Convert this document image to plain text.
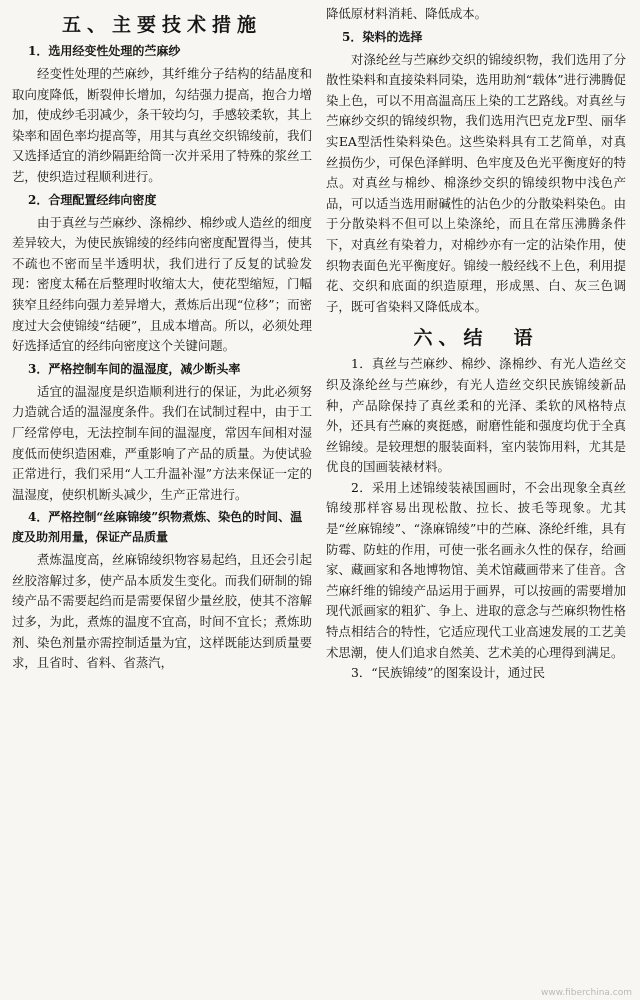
五、主要技术措施
1．选用经变性处理的苎麻纱

经变性处理的苎麻纱，其纤维分子结构的结晶度和取向度降低，断裂伸长增加，勾结强力提高，抱合力增加，使成纱毛羽减少，条干较均匀，手感较柔软，其上染率和固色率均提高等，用其与真丝交织锦绫前，我们又选择适宜的消纱隔距给筒一次并采用了特殊的浆丝工艺，使织造过程顺利进行。

2．合理配置经纬向密度

由于真丝与苎麻纱、涤棉纱、棉纱或人造丝的细度差异较大，为使民族锦绫的经纬向密度配置得当，使其不疏也不密而呈半透明状，我们进行了反复的试验发现：密度太稀在后整理时收缩太大，使花型缩短，门幅狭窄且经纬向强力差异增大，煮炼后出现“位移”；而密度过大会使锦绫“结硬”，且成本增高。所以，必须处理好选择适宜的经纬向密度这个关键问题。

3．严格控制车间的温湿度，减少断头率

适宜的温湿度是织造顺利进行的保证，为此必须努力造就合适的温湿度条件。我们在试制过程中，由于工厂经常停电，无法控制车间的温湿度，常因车间相对湿度低而使织造困难，严重影响了产品的质量。为使试验正常进行，我们采用“人工升温补湿”方法来保证一定的温湿度，使织机断头减少，生产正常进行。

4．严格控制“丝麻锦绫”织物煮炼、染色的时间、温度及助剂用量，保证产品质量

煮炼温度高，丝麻锦绫织物容易起绉，且还会引起丝胶溶解过多，使产品本质发生变化。而我们研制的锦绫产品不需要起绉而是需要保留少量丝胶，使其不溶解过多，为此，煮炼的温度不宜高，时间不宜长；煮炼助剂、染色剂量亦需控制适量为宜，这样既能达到质量要求，且省时、省料、省蒸汽，

降低原材料消耗、降低成本。

5．染料的选择

对涤纶丝与苎麻纱交织的锦绫织物，我们选用了分散性染料和直接染料同染，选用助剂“载体”进行沸腾促染上色，可以不用高温高压上染的工艺路线。对真丝与苎麻纱交织的锦绫织物，我们选用汽巴克龙F型、丽华实EA型活性染料染色。这些染料具有工艺简单，对真丝损伤少，可保色泽鲜明、色牢度及色光平衡度好的特点。对真丝与棉纱、棉涤纱交织的锦绫织物中浅色产品，可以适当选用耐碱性的沾色少的分散染料染色。由于分散染料不但可以上染涤纶，而且在常压沸腾条件下，对真丝有染着力，对棉纱亦有一定的沾染作用，使织物表面色光平衡度好。锦绫一般经线不上色，利用提花、交织和底面的织造原理，形成黑、白、灰三色调子，既可省染料又降低成本。

六、结　语

1．真丝与苎麻纱、棉纱、涤棉纱、有光人造丝交织及涤纶丝与苎麻纱，有光人造丝交织民族锦绫新品种，产品除保持了真丝柔和的光泽、柔软的风格特点外，还具有苎麻的爽挺感，耐磨性能和强度均优于全真丝锦绫。是较理想的服装面料，室内装饰用料，尤其是优良的国画装裱材料。

2．采用上述锦绫装裱国画时，不会出现象全真丝锦绫那样容易出现松散、拉长、披毛等现象。尤其是“丝麻锦绫”、“涤麻锦绫”中的苎麻、涤纶纤维，具有防霉、防蛀的作用，可使一张名画永久性的保存，给画家、藏画家和各地博物馆、美术馆藏画带来了佳音。含苎麻纤维的锦绫产品运用于画界，可以按画的需要增加现代派画家的粗犷、争上、进取的意念与苎麻织物性格特点相结合的特性，它适应现代工业高速发展的工艺美术思潮，使人们追求自然美、艺术美的心理得到满足。

3．“民族锦绫”的图案设计，通过民

www.fiberchina.com
